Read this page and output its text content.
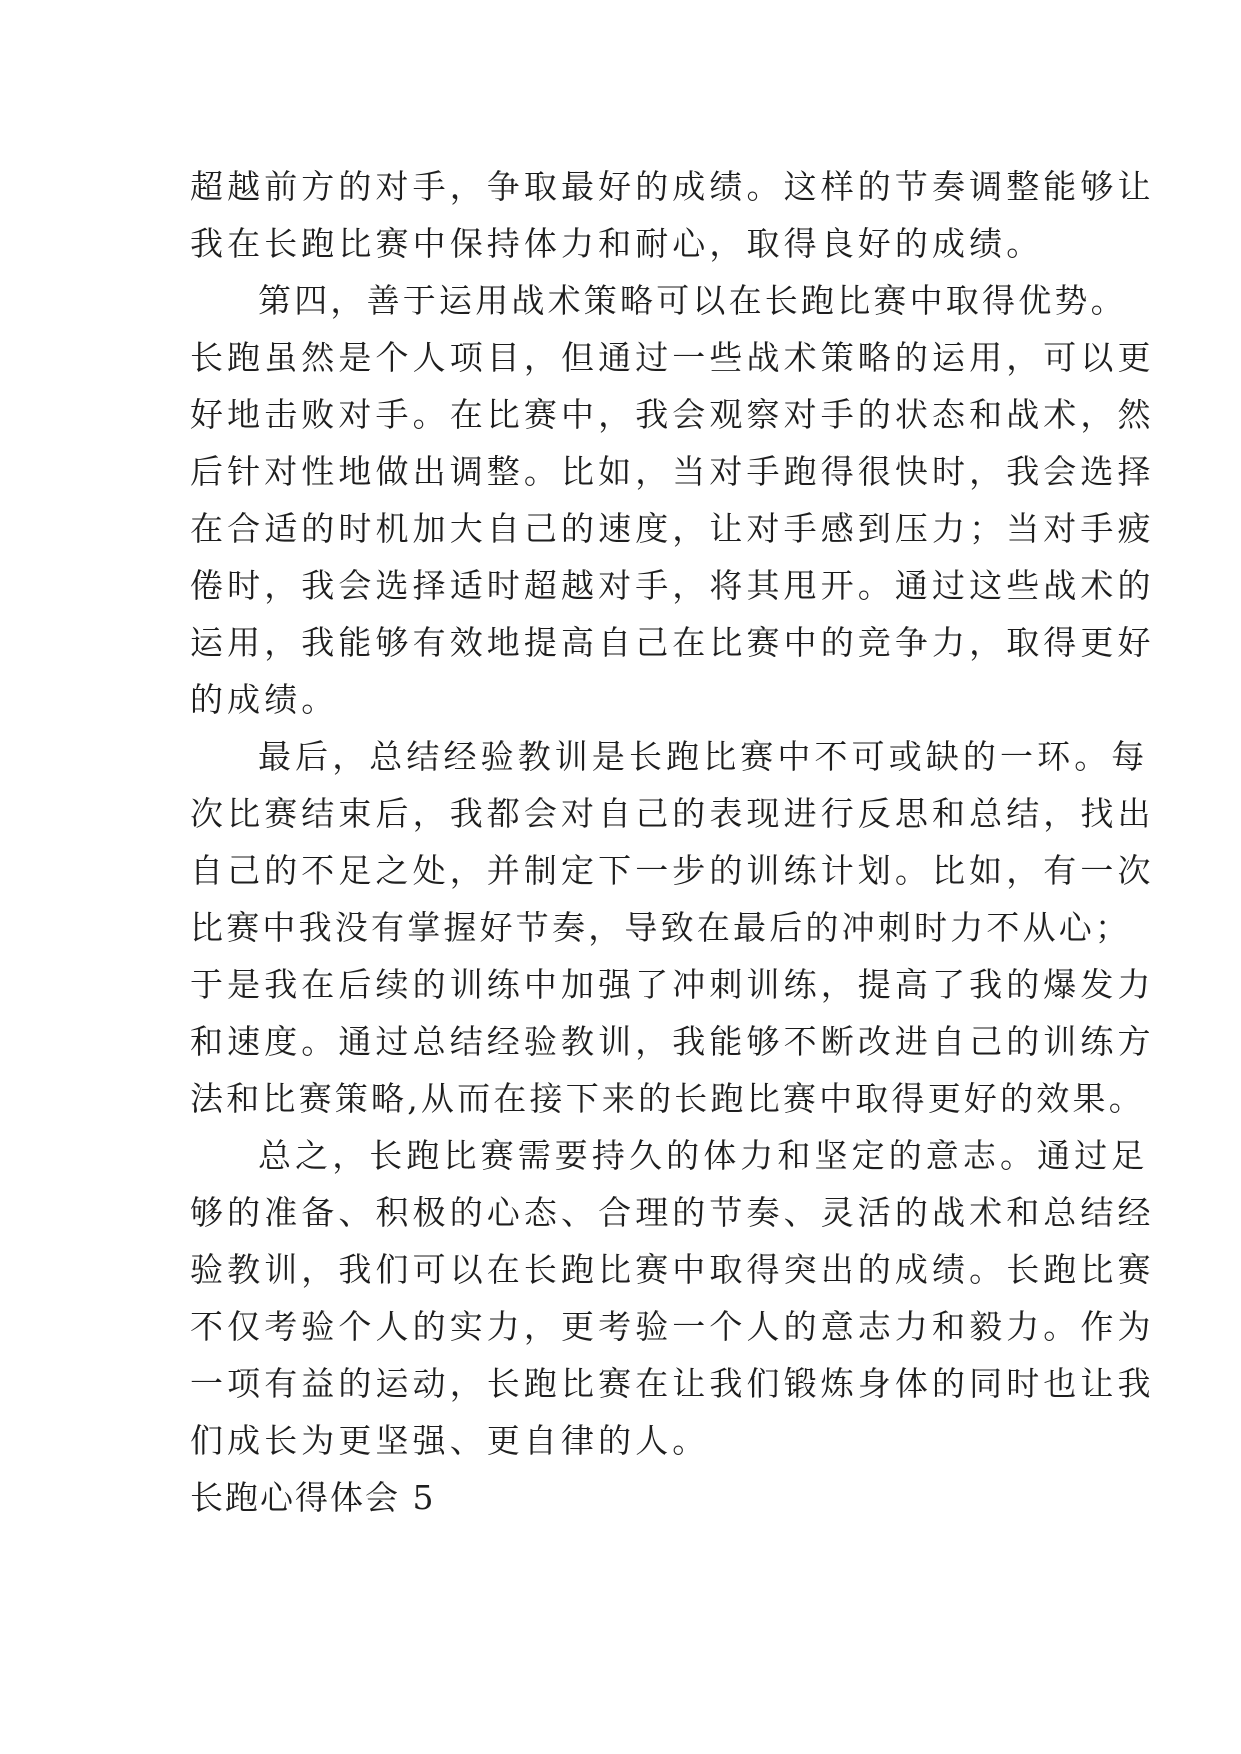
超越前方的对手，争取最好的成绩。这样的节奏调整能够让
我在长跑比赛中保持体力和耐心，取得良好的成绩。
第四，善于运用战术策略可以在长跑比赛中取得优势。
长跑虽然是个人项目，但通过一些战术策略的运用，可以更
好地击败对手。在比赛中，我会观察对手的状态和战术，然
后针对性地做出调整。比如，当对手跑得很快时，我会选择
在合适的时机加大自己的速度，让对手感到压力；当对手疲
倦时，我会选择适时超越对手，将其甩开。通过这些战术的
运用，我能够有效地提高自己在比赛中的竞争力，取得更好
的成绩。
最后，总结经验教训是长跑比赛中不可或缺的一环。每
次比赛结束后，我都会对自己的表现进行反思和总结，找出
自己的不足之处，并制定下一步的训练计划。比如，有一次
比赛中我没有掌握好节奏，导致在最后的冲刺时力不从心；
于是我在后续的训练中加强了冲刺训练，提高了我的爆发力
和速度。通过总结经验教训，我能够不断改进自己的训练方
法和比赛策略,从而在接下来的长跑比赛中取得更好的效果。
总之，长跑比赛需要持久的体力和坚定的意志。通过足
够的准备、积极的心态、合理的节奏、灵活的战术和总结经
验教训，我们可以在长跑比赛中取得突出的成绩。长跑比赛
不仅考验个人的实力，更考验一个人的意志力和毅力。作为
一项有益的运动，长跑比赛在让我们锻炼身体的同时也让我
们成长为更坚强、更自律的人。
长跑心得体会 5
